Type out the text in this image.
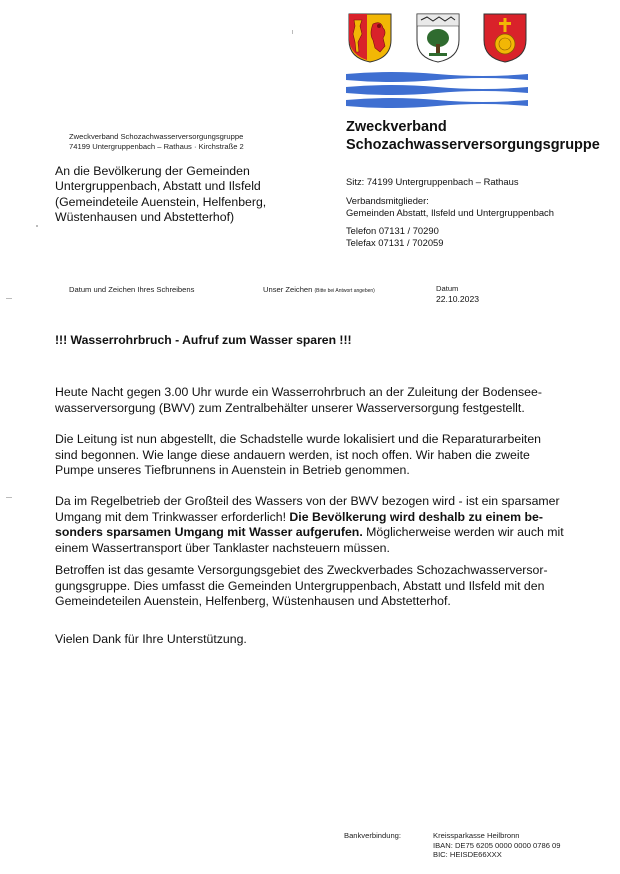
Zweckverband
Schozachwasserversorgungsgruppe
Zweckverband Schozachwasserversorgungsgruppe
74199 Untergruppenbach – Rathaus · Kirchstraße 2
An die Bevölkerung der Gemeinden
Untergruppenbach, Abstatt und Ilsfeld
(Gemeindeteile Auenstein, Helfenberg,
Wüstenhausen und Abstetterhof)
Sitz: 74199 Untergruppenbach – Rathaus
Verbandsmitglieder:
Gemeinden Abstatt, Ilsfeld und Untergruppenbach
Telefon 07131 / 70290
Telefax 07131 / 702059
Datum und Zeichen Ihres Schreibens	Unser Zeichen (Bitte bei Antwort angeben)	Datum
22.10.2023
!!! Wasserrohrbruch - Aufruf zum Wasser sparen !!!
Heute Nacht gegen 3.00 Uhr wurde ein Wasserrohrbruch an der Zuleitung der Bodensee-wasserversorgung (BWV) zum Zentralbehälter unserer Wasserversorgung festgestellt.
Die Leitung ist nun abgestellt, die Schadstelle wurde lokalisiert und die Reparaturarbeiten sind begonnen. Wie lange diese andauern werden, ist noch offen. Wir haben die zweite Pumpe unseres Tiefbrunnens in Auenstein in Betrieb genommen.
Da im Regelbetrieb der Großteil des Wassers von der BWV bezogen wird - ist ein sparsamer Umgang mit dem Trinkwasser erforderlich! Die Bevölkerung wird deshalb zu einem be-sonders sparsamen Umgang mit Wasser aufgerufen. Möglicherweise werden wir auch mit einem Wassertransport über Tanklaster nachsteuern müssen.
Betroffen ist das gesamte Versorgungsgebiet des Zweckverbades Schozachwasserversor-gungsgruppe. Dies umfasst die Gemeinden Untergruppenbach, Abstatt und Ilsfeld mit den Gemeindeteilen Auenstein, Helfenberg, Wüstenhausen und Abstetterhof.
Vielen Dank für Ihre Unterstützung.
Bankverbindung:	Kreissparkasse Heilbronn
IBAN: DE75 6205 0000 0000 0786 09
BIC: HEISDE66XXX
